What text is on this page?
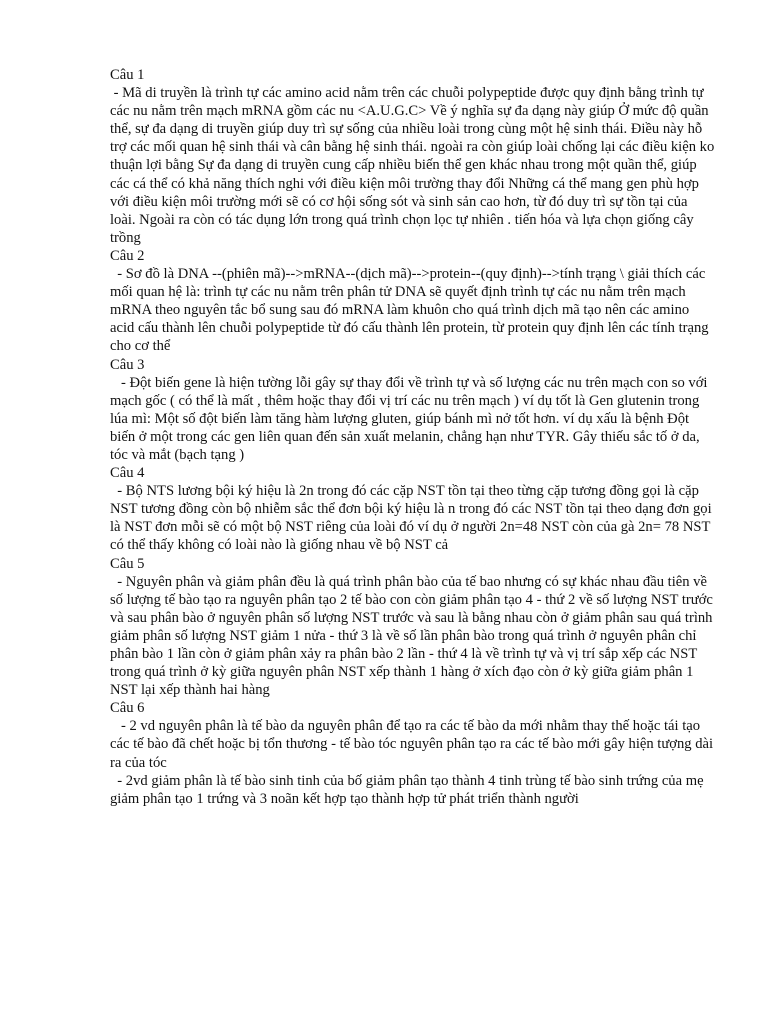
Câu 1

- Mã di truyền là trình tự các amino acid nằm trên các chuỗi polypeptide được quy định bằng trình tự các nu nằm trên mạch mRNA gồm các nu <A.U.G.C> Về ý nghĩa sự đa dạng này giúp Ở mức độ quần thể, sự đa dạng di truyền giúp duy trì sự sống của nhiều loài trong cùng một hệ sinh thái. Điều này hỗ trợ các mối quan hệ sinh thái và cân bằng hệ sinh thái. ngoài ra còn giúp loài chống lại các điều kiện ko thuận lợi bằng Sự đa dạng di truyền cung cấp nhiều biến thể gen khác nhau trong một quần thể, giúp các cá thể có khả năng thích nghi với điều kiện môi trường thay đổi Những cá thể mang gen phù hợp với điều kiện môi trường mới sẽ có cơ hội sống sót và sinh sản cao hơn, từ đó duy trì sự tồn tại của loài. Ngoài ra còn có tác dụng lớn trong quá trình chọn lọc tự nhiên . tiến hóa và lựa chọn giống cây trồng

Câu 2

- Sơ đồ là DNA --(phiên mã)-->mRNA--(dịch mã)-->protein--(quy định)-->tính trạng \ giải thích các mối quan hệ là: trình tự các nu nằm trên phân tử DNA sẽ quyết định trình tự các nu nằm trên mạch mRNA theo nguyên tắc bổ sung sau đó mRNA làm khuôn cho quá trình dịch mã tạo nên các amino acid cấu thành lên chuỗi polypeptide từ đó cấu thành lên protein, từ protein quy định lên các tính trạng cho cơ thể

Câu 3

- Đột biến gene là hiện tường lỗi gây sự thay đổi về trình tự và số lượng các nu trên mạch con so với mạch gốc ( có thể là mất , thêm hoặc thay đổi vị trí các nu trên mạch ) ví dụ tốt là Gen glutenin trong lúa mì: Một số đột biến làm tăng hàm lượng gluten, giúp bánh mì nở tốt hơn. ví dụ xấu là bệnh Đột biến ở một trong các gen liên quan đến sản xuất melanin, chẳng hạn như TYR. Gây thiếu sắc tố ở da, tóc và mắt (bạch tạng )

Câu 4

- Bộ NTS lương bội ký hiệu là 2n trong đó các cặp NST tồn tại theo từng cặp tương đồng gọi là cặp NST tương đồng còn bộ nhiễm sắc thể đơn bội ký hiệu là n trong đó các NST tồn tại theo dạng đơn gọi là NST đơn mỗi sẽ có một bộ NST riêng của loài đó ví dụ ở người 2n=48 NST còn của gà 2n= 78 NST có thể thấy không có loài nào là giống nhau về bộ NST cả

Câu 5

- Nguyên phân và giảm phân đều là quá trình phân bào của tế bao nhưng có sự khác nhau đầu tiên về số lượng tế bào tạo ra nguyên phân tạo 2 tế bào con còn giảm phân tạo 4 - thứ 2 về số lượng NST trước và sau phân bào ở nguyên phân số lượng NST trước và sau là bằng nhau còn ở giảm phân sau quá trình giảm phân số lượng NST giảm 1 nửa - thứ 3 là về số lần phân bào trong quá trình ở nguyên phân chỉ phân bào 1 lần còn ở giảm phân xảy ra phân bào 2 lần - thứ 4 là về trình tự và vị trí sắp xếp các NST trong quá trình ở kỳ giữa nguyên phân NST xếp thành 1 hàng ở xích đạo còn ở kỳ giữa giảm phân 1 NST lại xếp thành hai hàng

Câu 6

- 2 vd nguyên phân là tế bào da nguyên phân để tạo ra các tế bào da mới nhằm thay thế hoặc tái tạo các tế bào đã chết hoặc bị tổn thương - tế bào tóc nguyên phân tạo ra các tế bào mới gây hiện tượng dài ra của tóc

- 2vd giảm phân là tế bào sinh tinh của bố giảm phân tạo thành 4 tinh trùng tế bào sinh trứng của mẹ giảm phân tạo 1 trứng và 3 noãn kết hợp tạo thành hợp tử phát triển thành người
